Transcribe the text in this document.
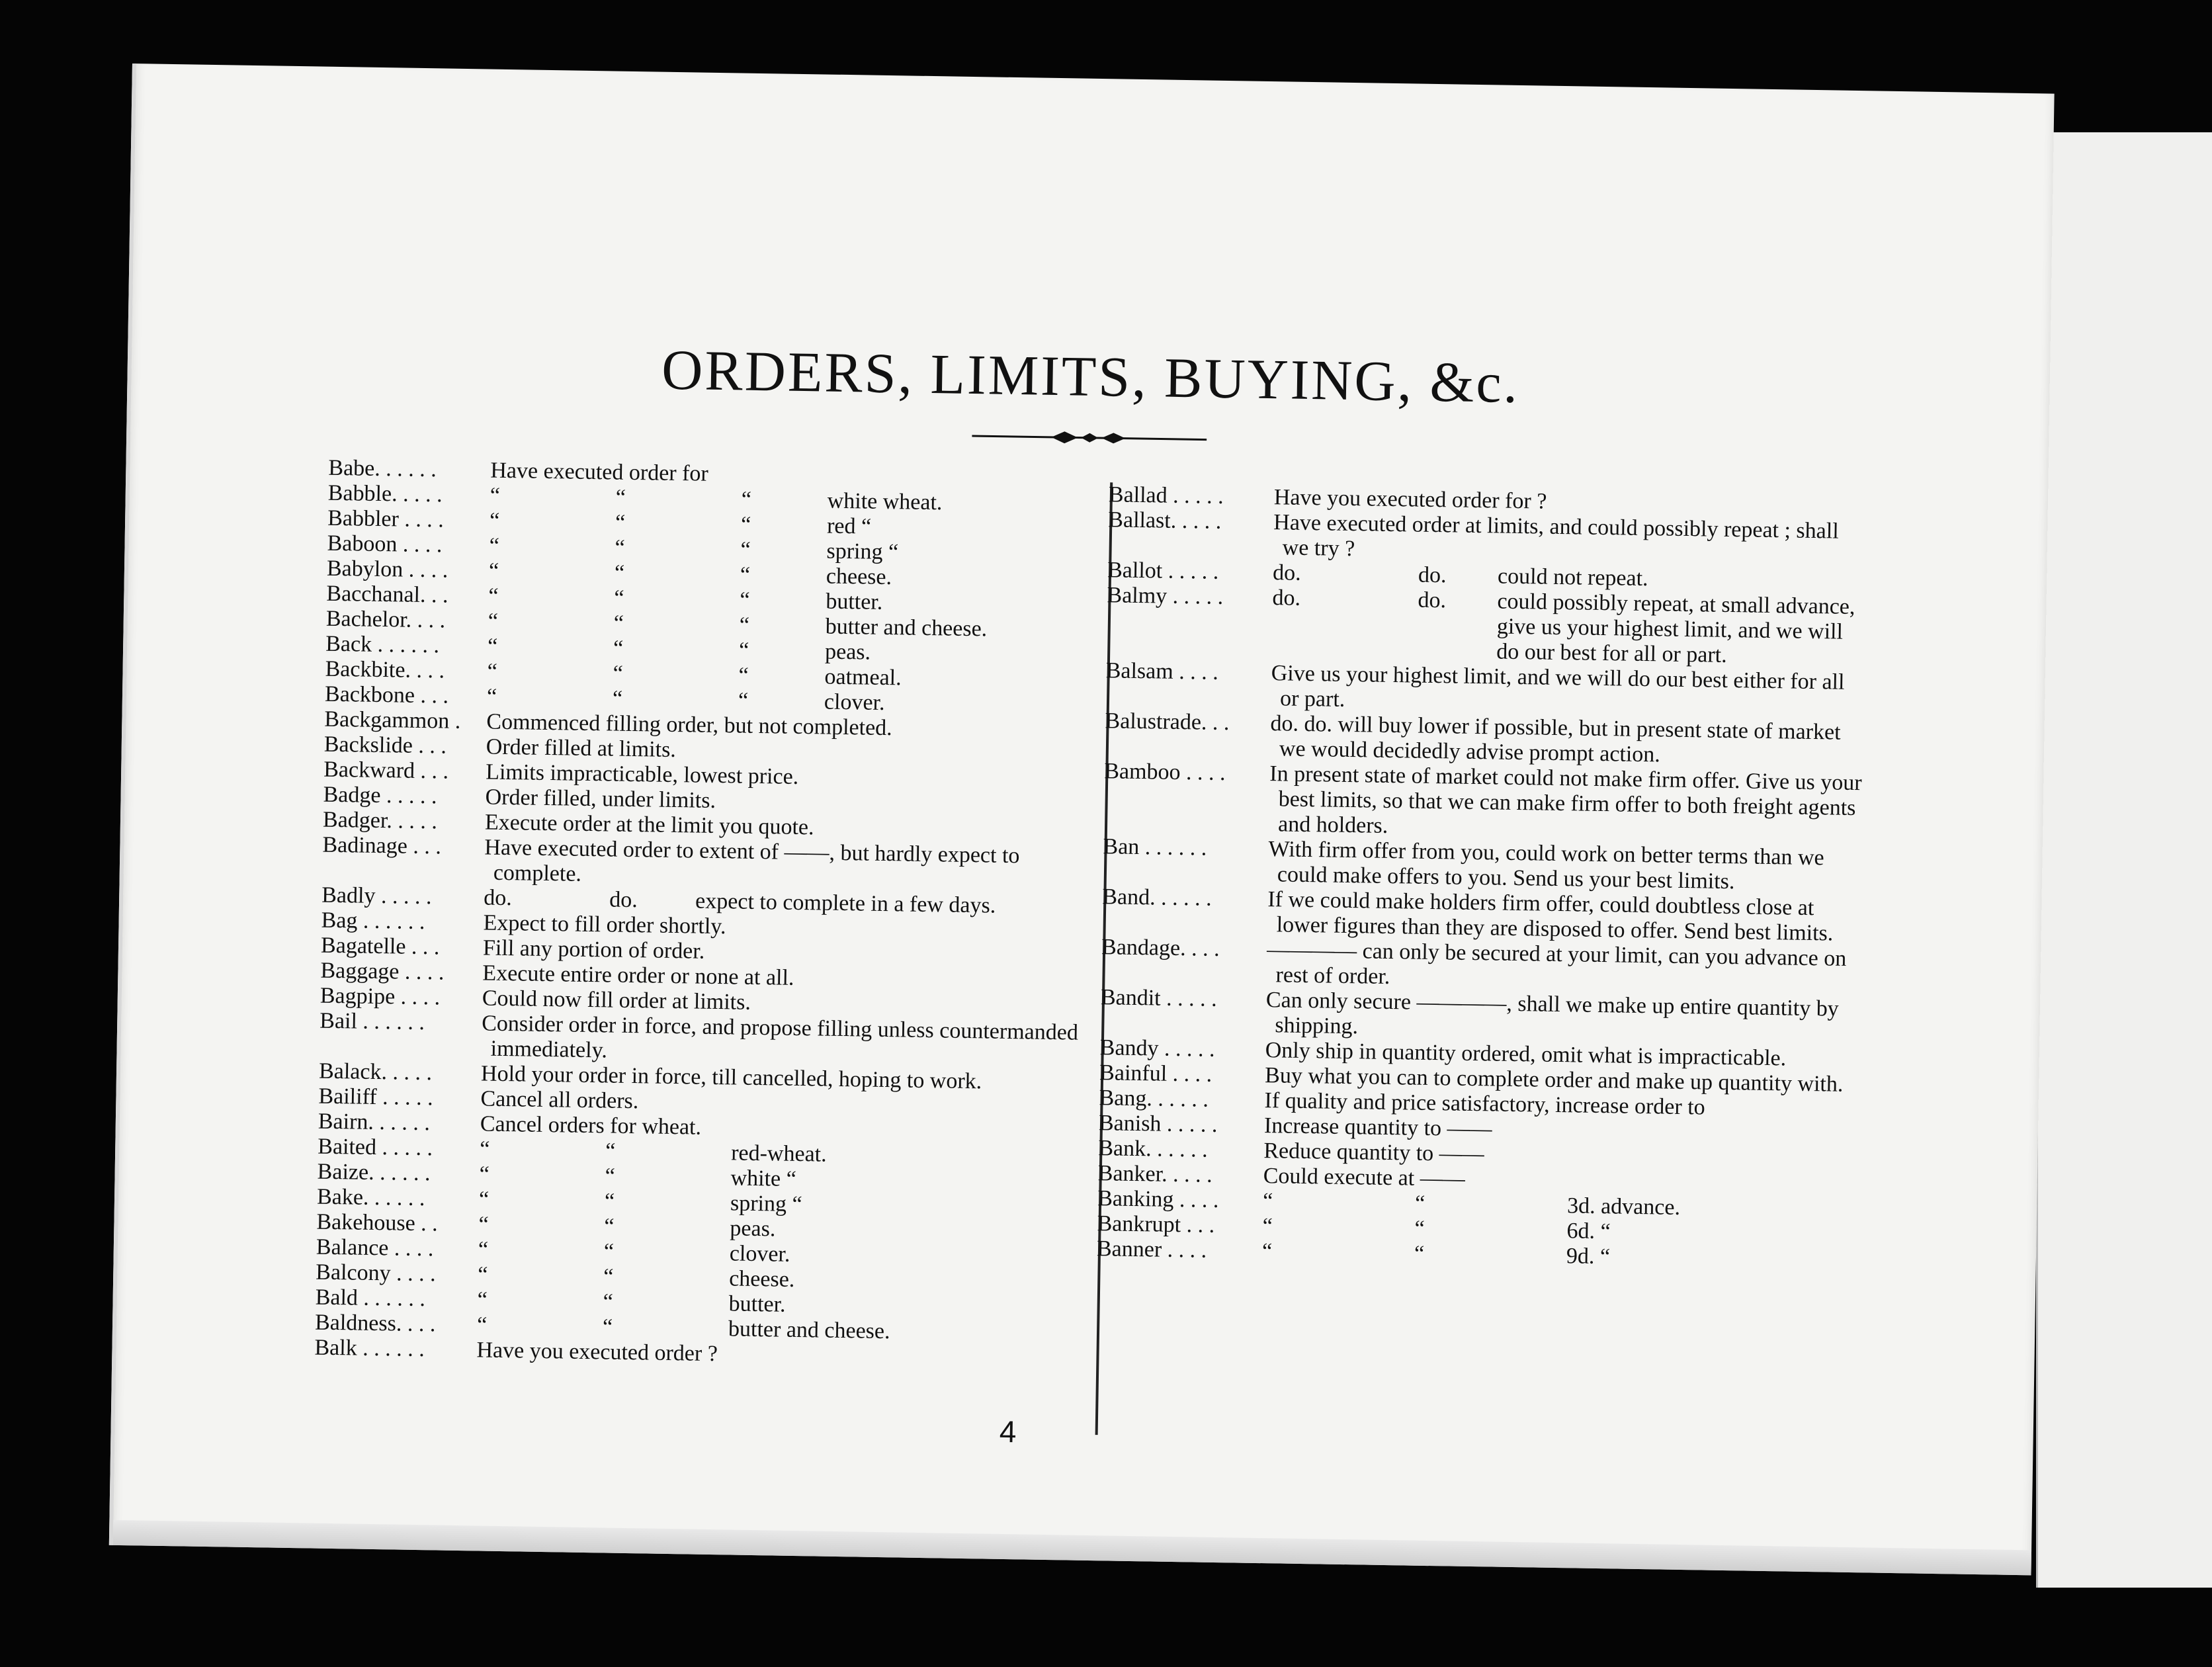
ORDERS, LIMITS, BUYING, &c.
Babe. . . . . . Have executed order for
Babble. . . . . “	“	“	white wheat.
Babbler . . . . “	“	“	red “
Baboon . . . . “	“	“	spring “
Babylon . . . . “	“	“	cheese.
Bacchanal. . . “	“	“	butter.
Bachelor. . . . “	“	“	butter and cheese.
Back . . . . . . “	“	“	peas.
Backbite. . . . “	“	“	oatmeal.
Backbone . . . “	“	“	clover.
Backgammon . Commenced filling order, but not completed.
Backslide . . . Order filled at limits.
Backward . . . Limits impracticable, lowest price.
Badge . . . . . Order filled, under limits.
Badger. . . . . Execute order at the limit you quote.
Badinage . . . Have executed order to extent of ——, but hardly expect to complete.
Badly . . . . . do.	do.	expect to complete in a few days.
Bag . . . . . .	Expect to fill order shortly.
Bagatelle . . . Fill any portion of order.
Baggage . . . . Execute entire order or none at all.
Bagpipe . . . . Could now fill order at limits.
Bail . . . . . .	Consider order in force, and propose filling unless countermanded immediately.
Balack. . . . . Hold your order in force, till cancelled, hoping to work.
Bailiff . . . . . Cancel all orders.
Bairn. . . . . . Cancel orders for wheat.
Baited . . . . . “	“	red-wheat.
Baize. . . . . . “	“	white “
Bake. . . . . . “	“	spring “
Bakehouse . . “	“	peas.
Balance . . . . “	“	clover.
Balcony . . . . “	“	cheese.
Bald . . . . . . “	“	butter.
Baldness. . . . “	“	butter and cheese.
Balk . . . . . . Have you executed order ?
Ballad . . . . . Have you executed order for ?
Ballast. . . . . Have executed order at limits, and could possibly repeat ; shall we try ?
Ballot . . . . . do.	do.	could not repeat.
Balmy . . . . . do.	do.	could possibly repeat, at small advance, give us your highest limit, and we will do our best for all or part.
Balsam . . . . Give us your highest limit, and we will do our best either for all or part.
Balustrade. . . do. do. will buy lower if possible, but in present state of market we would decidedly advise prompt action.
Bamboo . . . . In present state of market could not make firm offer. Give us your best limits, so that we can make firm offer to both freight agents and holders.
Ban . . . . . .	With firm offer from you, could work on better terms than we could make offers to you. Send us your best limits.
Band. . . . . . If we could make holders firm offer, could doubtless close at lower figures than they are disposed to offer. Send best limits.
Bandage. . . . ———— can only be secured at your limit, can you advance on rest of order.
Bandit . . . . . Can only secure ————, shall we make up entire quantity by shipping.
Bandy . . . . . Only ship in quantity ordered, omit what is impracticable.
Bainful . . . . Buy what you can to complete order and make up quantity with.
Bang. . . . . . If quality and price satisfactory, increase order to
Banish . . . . . Increase quantity to ——
Bank. . . . . . Reduce quantity to ——
Banker. . . . . Could execute at ——
Banking . . . . “	“	3d. advance.
Bankrupt . . . “	“	6d. “
Banner . . . . “	“	9d. “

4
